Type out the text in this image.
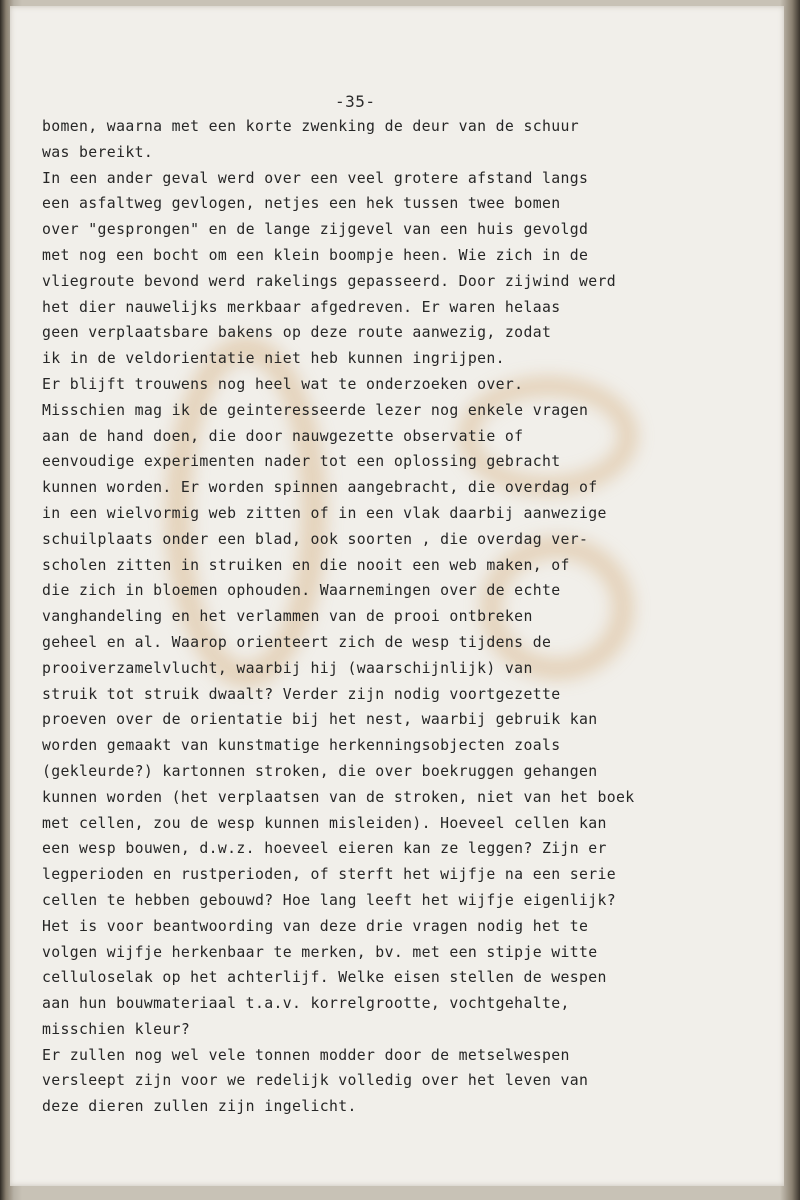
-35-
bomen, waarna met een korte zwenking de deur van de schuur
was bereikt.
In een ander geval werd over een veel grotere afstand langs
een asfaltweg gevlogen, netjes een hek tussen twee bomen
over "gesprongen" en de lange zijgevel van een huis gevolgd
met nog een bocht om een klein boompje heen. Wie zich in de
vliegroute bevond werd rakelings gepasseerd. Door zijwind werd
het dier nauwelijks merkbaar afgedreven. Er waren helaas
geen verplaatsbare bakens op deze route aanwezig, zodat
ik in de veldorientatie niet heb kunnen ingrijpen.
Er blijft trouwens nog heel wat te onderzoeken over.
Misschien mag ik de geinteresseerde lezer nog enkele vragen
aan de hand doen, die door nauwgezette observatie of
eenvoudige experimenten nader tot een oplossing gebracht
kunnen worden. Er worden spinnen aangebracht, die overdag of
in een wielvormig web zitten of in een vlak daarbij aanwezige
schuilplaats onder een blad, ook soorten , die overdag ver-
scholen zitten in struiken en die nooit een web maken, of
die zich in bloemen ophouden. Waarnemingen over de echte
vanghandeling en het verlammen van de prooi ontbreken
geheel en al. Waarop orienteert zich de wesp tijdens de
prooiverzamelvlucht, waarbij hij (waarschijnlijk) van
struik tot struik dwaalt? Verder zijn nodig voortgezette
proeven over de orientatie bij het nest, waarbij gebruik kan
worden gemaakt van kunstmatige herkenningsobjecten zoals
(gekleurde?) kartonnen stroken, die over boekruggen gehangen
kunnen worden (het verplaatsen van de stroken, niet van het boek
met cellen, zou de wesp kunnen misleiden). Hoeveel cellen kan
een wesp bouwen, d.w.z. hoeveel eieren kan ze leggen? Zijn er
legperioden en rustperioden, of sterft het wijfje na een serie
cellen te hebben gebouwd? Hoe lang leeft het wijfje eigenlijk?
Het is voor beantwoording van deze drie vragen nodig het te
volgen wijfje herkenbaar te merken, bv. met een stipje witte
celluloselak op het achterlijf. Welke eisen stellen de wespen
aan hun bouwmateriaal t.a.v. korrelgrootte, vochtgehalte,
misschien kleur?
Er zullen nog wel vele tonnen modder door de metselwespen
versleept zijn voor we redelijk volledig over het leven van
deze dieren zullen zijn ingelicht.
